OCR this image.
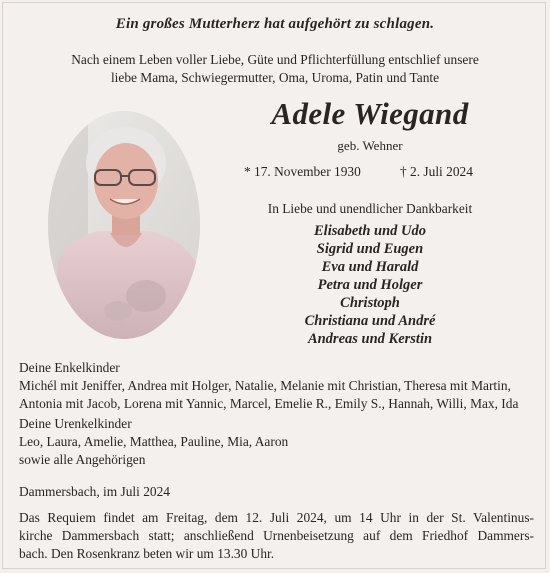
Ein großes Mutterherz hat aufgehört zu schlagen.
Nach einem Leben voller Liebe, Güte und Pflichterfüllung entschlief unsere
liebe Mama, Schwiegermutter, Oma, Uroma, Patin und Tante
Adele Wiegand
geb. Wehner
* 17. November 1930	† 2. Juli 2024
In Liebe und unendlicher Dankbarkeit
Elisabeth und Udo
Sigrid und Eugen
Eva und Harald
Petra und Holger
Christoph
Christiana und André
Andreas und Kerstin
Deine Enkelkinder
Michél mit Jeniffer, Andrea mit Holger, Natalie, Melanie mit Christian, Theresa mit Martin,
Antonia mit Jacob, Lorena mit Yannic, Marcel, Emelie R., Emily S., Hannah, Willi, Max, Ida
Deine Urenkelkinder
Leo, Laura, Amelie, Matthea, Pauline, Mia, Aaron
sowie alle Angehörigen
Dammersbach, im Juli 2024
Das Requiem findet am Freitag, dem 12. Juli 2024, um 14 Uhr in der St. Valentinus-
kirche Dammersbach statt; anschließend Urnenbeisetzung auf dem Friedhof Dammers-
bach. Den Rosenkranz beten wir um 13.30 Uhr.
